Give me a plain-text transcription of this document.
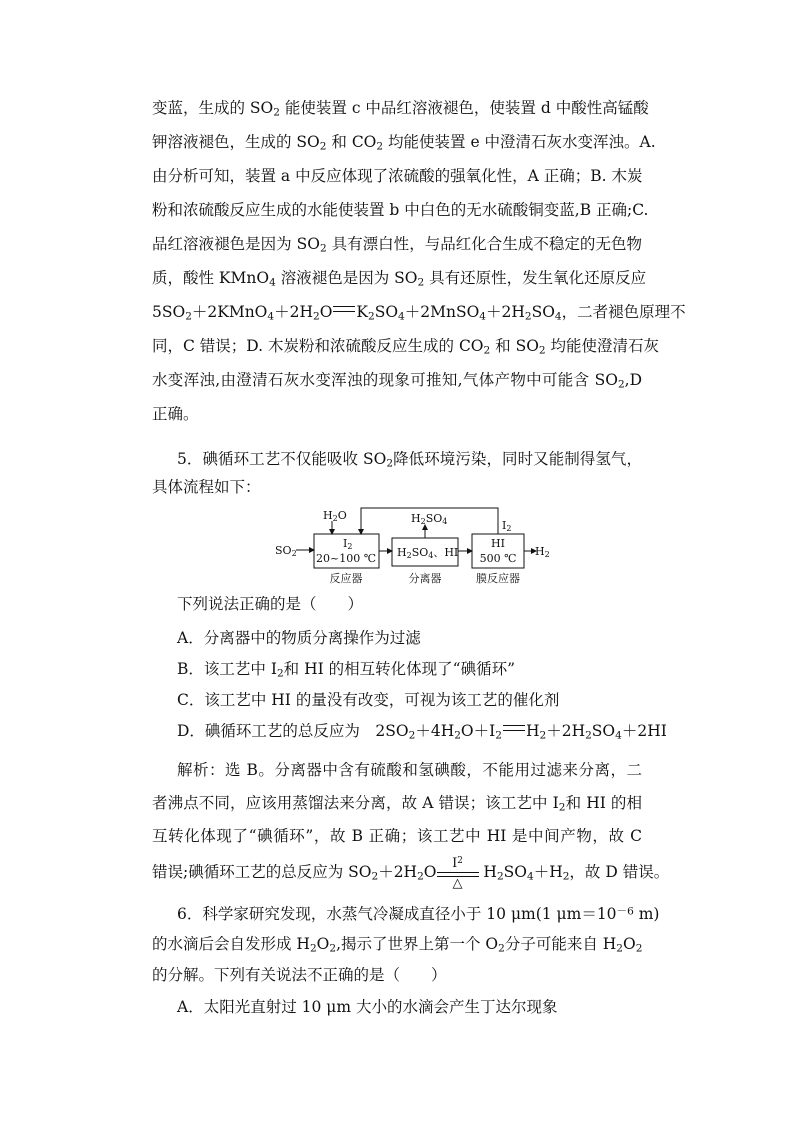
变蓝，生成的 $SO_2$ 能使装置 c 中品红溶液褪色，使装置 d 中酸性高锰酸
钾溶液褪色，生成的 $SO_2$ 和 $CO_2$ 均能使装置 e 中澄清石灰水变浑浊。A.
由分析可知，装置 a 中反应体现了浓硫酸的强氧化性，A 正确；B. 木炭
粉和浓硫酸反应生成的水能使装置 b 中白色的无水硫酸铜变蓝,B 正确;C.
品红溶液褪色是因为 $SO_2$ 具有漂白性，与品红化合生成不稳定的无色物
质，酸性 KMnO$_4$ 溶液褪色是因为 $SO_2$ 具有还原性，发生氧化还原反应
$5SO_2+2KMnO_4+2H_2O$ $K_2SO_4+2MnSO_4+2H_2SO_4$，二者褪色原理不
同，C 错误；D. 木炭粉和浓硫酸反应生成的 $CO_2$ 和 $SO_2$ 均能使澄清石灰
水变浑浊,由澄清石灰水变浑浊的现象可推知,气体产物中可能含 $SO_2,D$
正确。
5．碘循环工艺不仅能吸收 $SO_2$降低环境污染，同时又能制得氢气，
具体流程如下：
H2O	H2SO4	I2
SO2	H2
I2
20~100 ℃
反应器
H2SO4、HI
分离器
HI
500 ℃
膜反应器
下列说法正确的是（　　）
A．分离器中的物质分离操作为过滤
B．该工艺中 $I_2$和 HI 的相互转化体现了“碘循环”
C．该工艺中 HI 的量没有改变，可视为该工艺的催化剂
D．碘循环工艺的总反应为　$2SO_2+4H_2O+I_2$ $H_2+2H_2SO_4+2HI$
解析：选 B。分离器中含有硫酸和氢碘酸，不能用过滤来分离，二
者沸点不同，应该用蒸馏法来分离，故 A 错误；该工艺中 $I_2$和 HI 的相
互转化体现了“碘循环”，故 B 正确；该工艺中 HI 是中间产物，故 C
错误;碘循环工艺的总反应为 $SO_2+2H_2O$	$I^2$
△
$H_2SO_4+H_2$，故 D 错误。
6．科学家研究发现，水蒸气冷凝成直径小于 10 μm(1 $\mu m=10^{-6}$ m)
的水滴后会自发形成 $H_2O_2$,揭示了世界上第一个 $O_2$分子可能来自 $H_2O_2$
的分解。下列有关说法不正确的是（　　）
A．太阳光直射过 10 μm 大小的水滴会产生丁达尔现象
